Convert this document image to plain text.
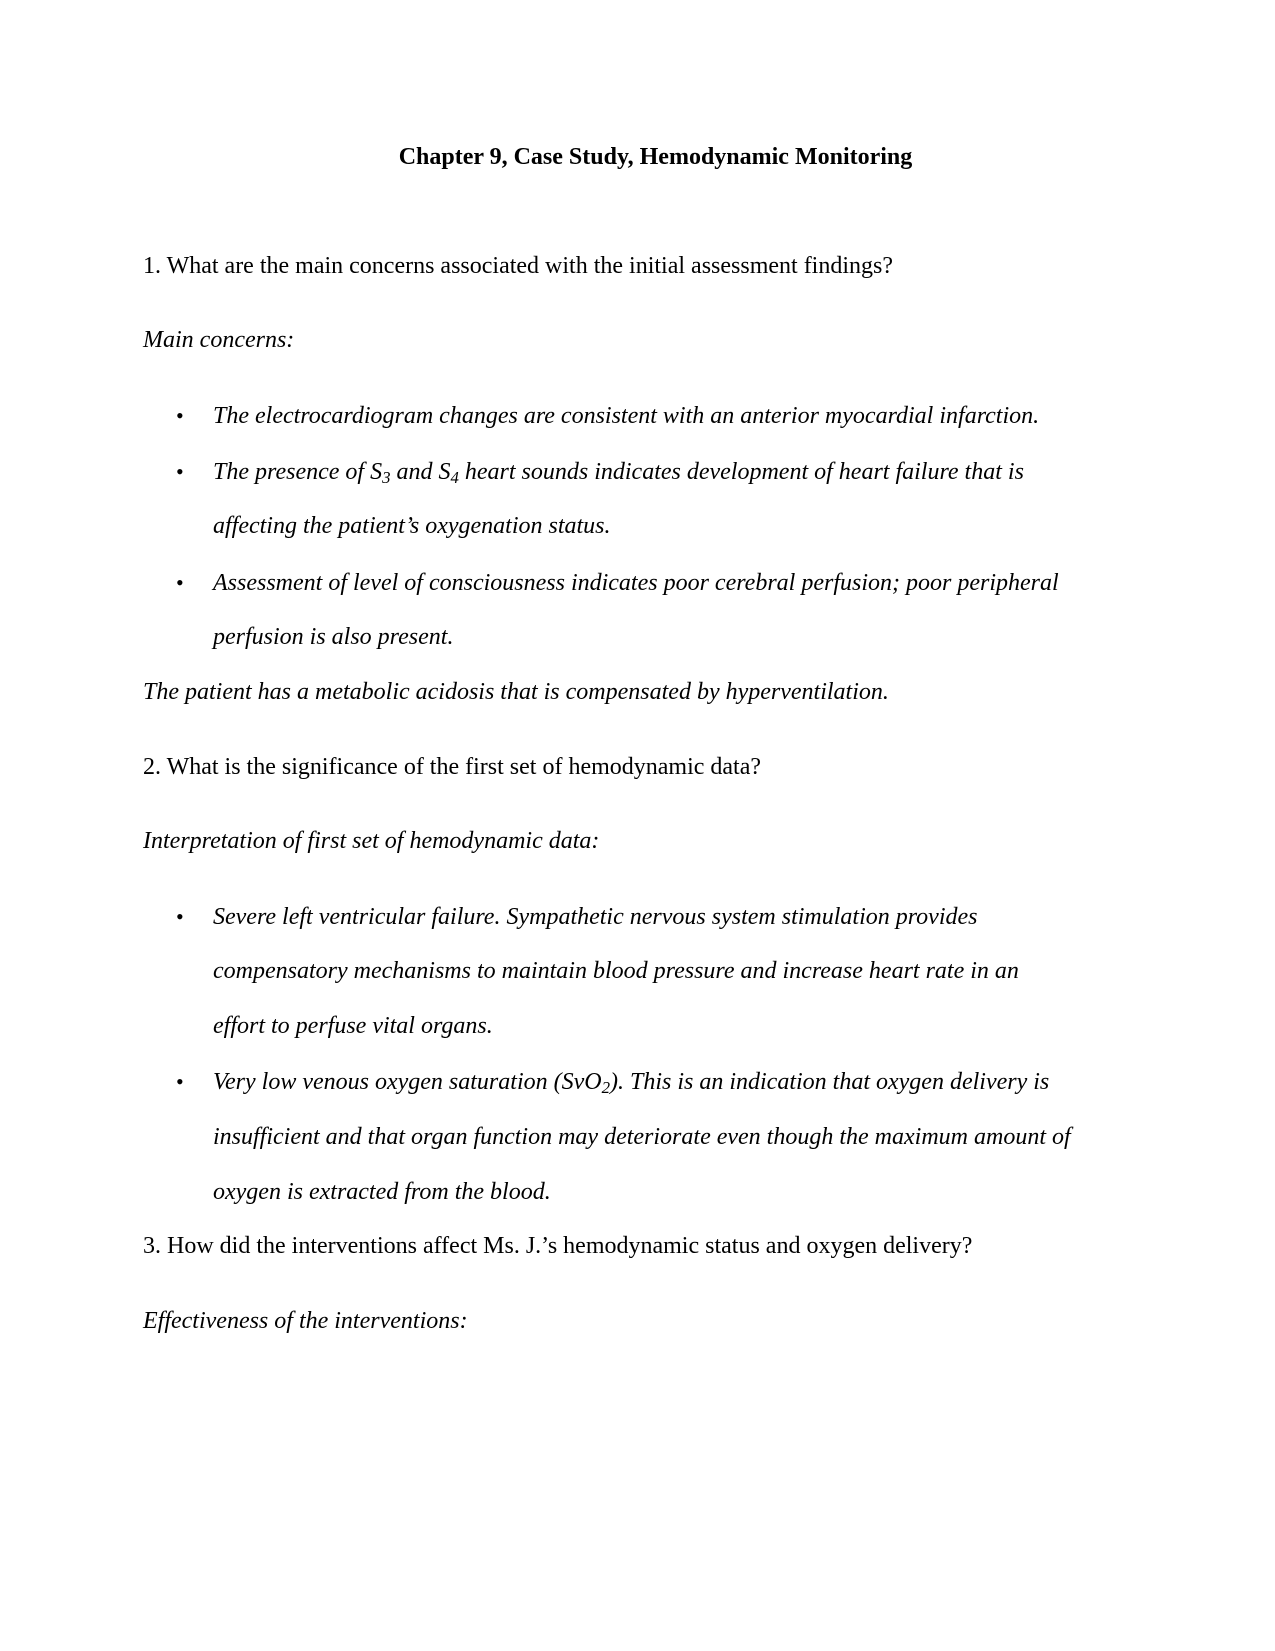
Chapter 9, Case Study, Hemodynamic Monitoring
1. What are the main concerns associated with the initial assessment findings?
Main concerns:
• The electrocardiogram changes are consistent with an anterior myocardial infarction.
• The presence of $S_3$ and $S_4$ heart sounds indicates development of heart failure that is
affecting the patient’s oxygenation status.
• Assessment of level of consciousness indicates poor cerebral perfusion; poor peripheral
perfusion is also present.
The patient has a metabolic acidosis that is compensated by hyperventilation.
2. What is the significance of the first set of hemodynamic data?
Interpretation of first set of hemodynamic data:
• Severe left ventricular failure. Sympathetic nervous system stimulation provides
compensatory mechanisms to maintain blood pressure and increase heart rate in an
effort to perfuse vital organs.
• Very low venous oxygen saturation (SvO$_2$). This is an indication that oxygen delivery is
insufficient and that organ function may deteriorate even though the maximum amount of
oxygen is extracted from the blood.
3. How did the interventions affect Ms. J.’s hemodynamic status and oxygen delivery?
Effectiveness of the interventions:
